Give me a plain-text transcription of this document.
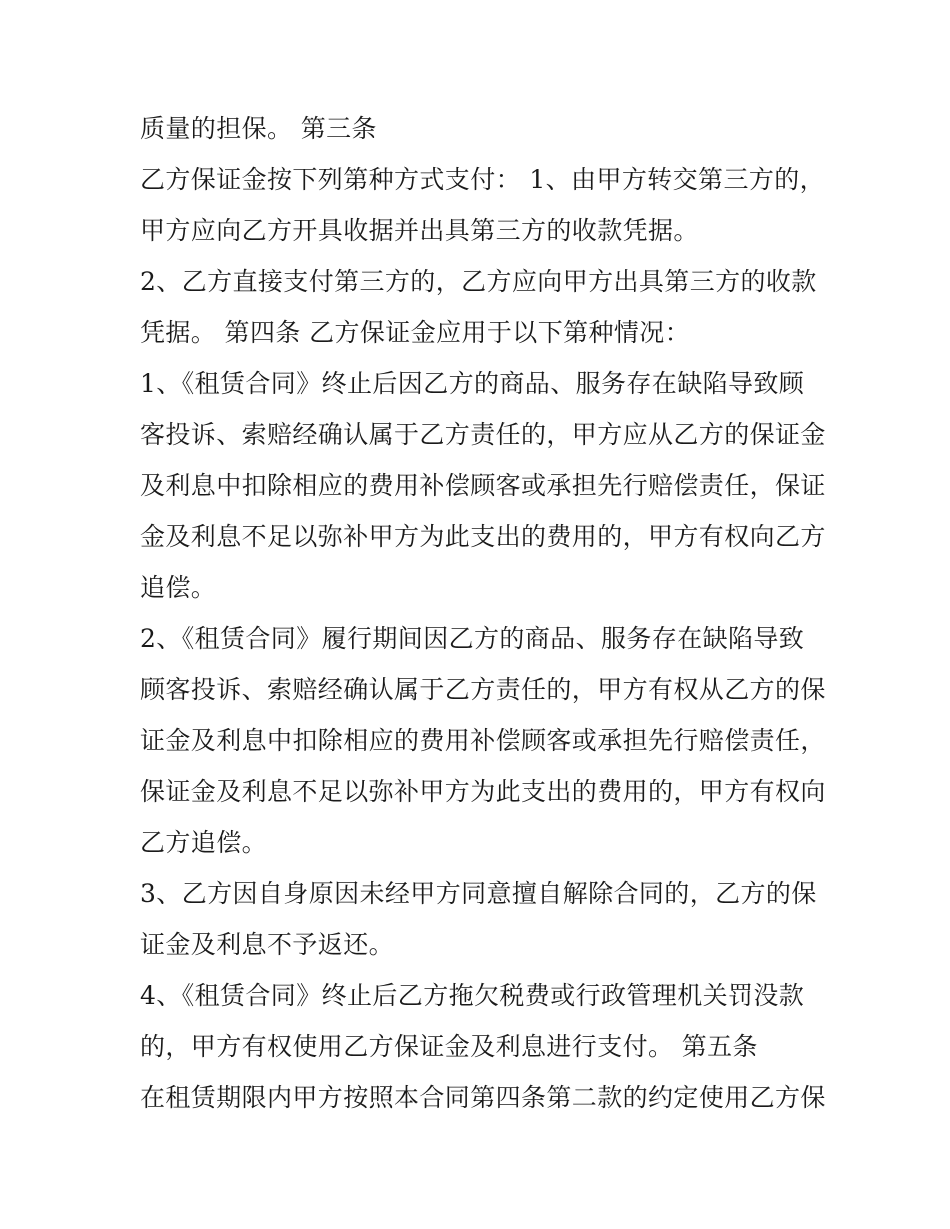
质量的担保。 第三条
乙方保证金按下列第种方式支付： 1、由甲方转交第三方的，
甲方应向乙方开具收据并出具第三方的收款凭据。
2、乙方直接支付第三方的，乙方应向甲方出具第三方的收款
凭据。 第四条 乙方保证金应用于以下第种情况：
1、《租赁合同》终止后因乙方的商品、服务存在缺陷导致顾
客投诉、索赔经确认属于乙方责任的，甲方应从乙方的保证金
及利息中扣除相应的费用补偿顾客或承担先行赔偿责任，保证
金及利息不足以弥补甲方为此支出的费用的，甲方有权向乙方
追偿。
2、《租赁合同》履行期间因乙方的商品、服务存在缺陷导致
顾客投诉、索赔经确认属于乙方责任的，甲方有权从乙方的保
证金及利息中扣除相应的费用补偿顾客或承担先行赔偿责任，
保证金及利息不足以弥补甲方为此支出的费用的，甲方有权向
乙方追偿。
3、乙方因自身原因未经甲方同意擅自解除合同的，乙方的保
证金及利息不予返还。
4、《租赁合同》终止后乙方拖欠税费或行政管理机关罚没款
的，甲方有权使用乙方保证金及利息进行支付。 第五条
在租赁期限内甲方按照本合同第四条第二款的约定使用乙方保
